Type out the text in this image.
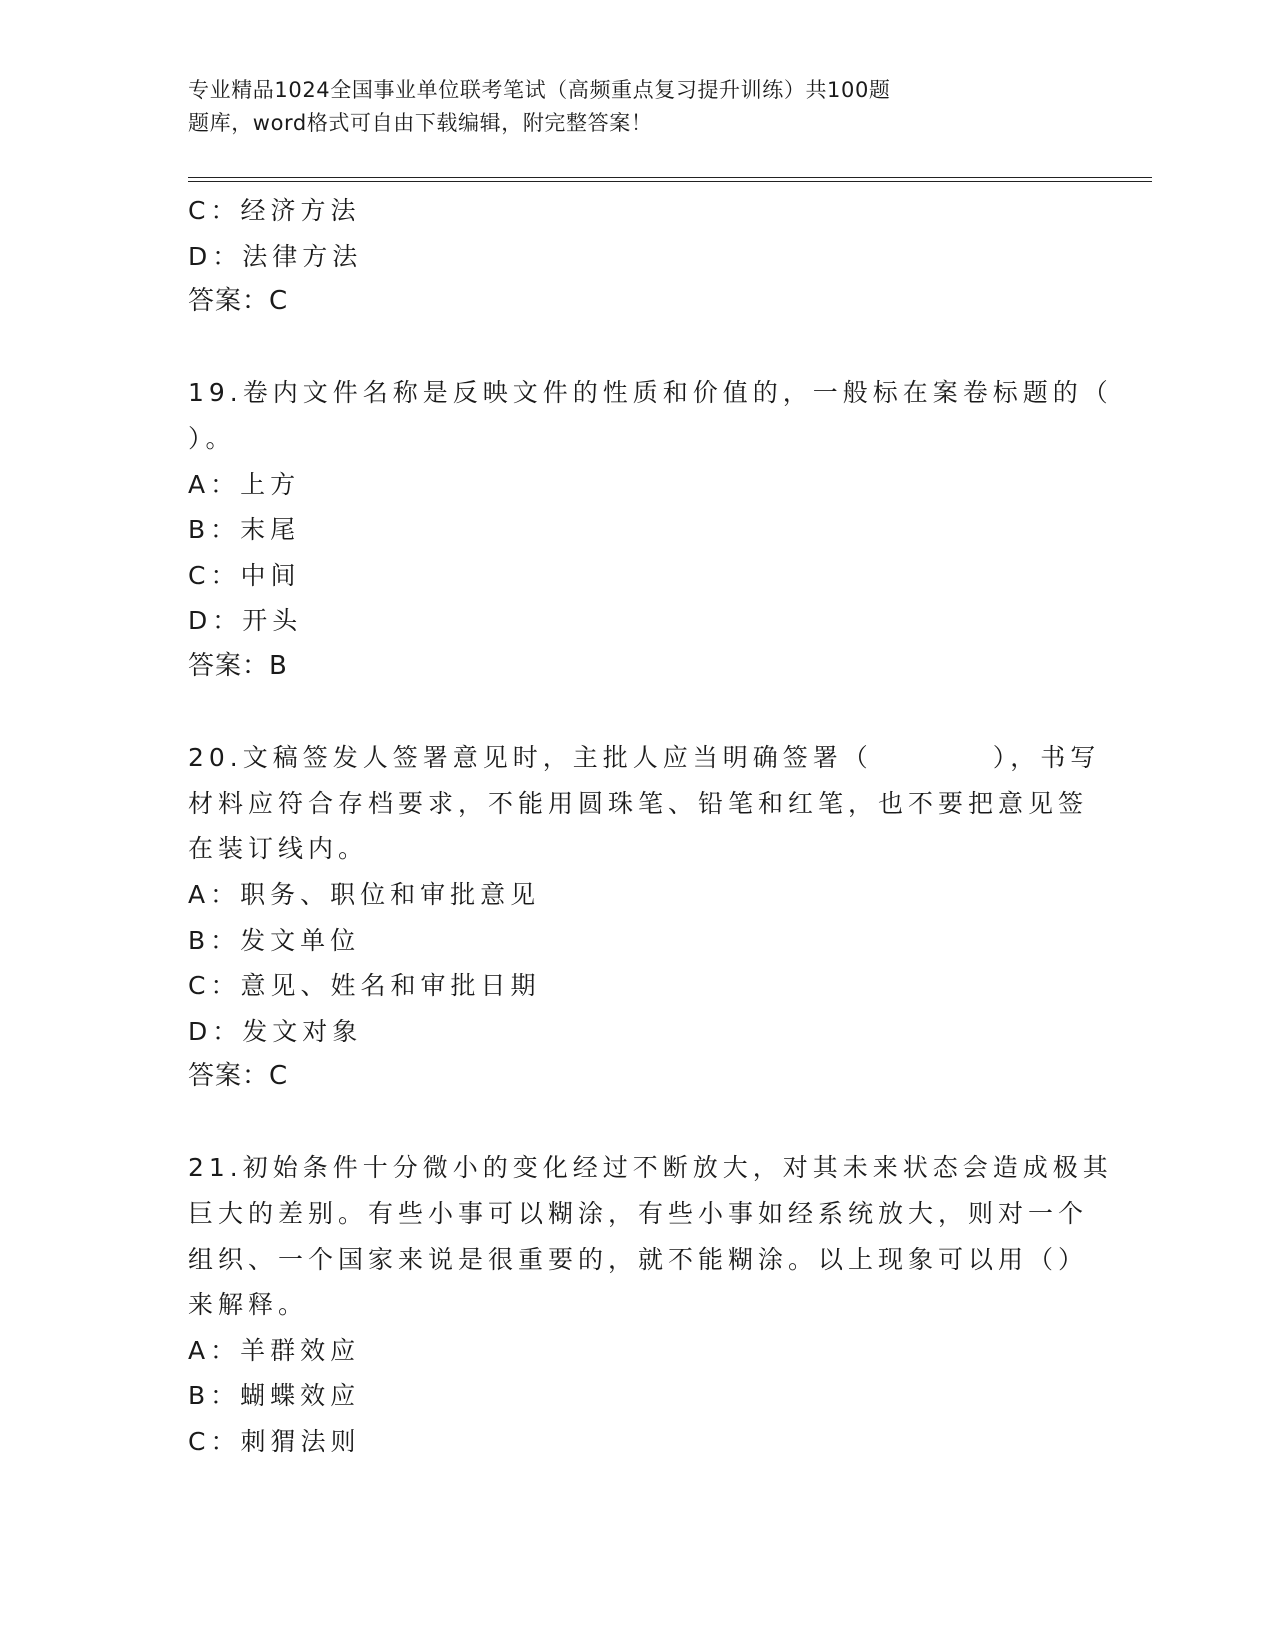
专业精品1024全国事业单位联考笔试（高频重点复习提升训练）共100题
题库，word格式可自由下载编辑，附完整答案！
C：经济方法
D：法律方法
答案：C
19.卷内文件名称是反映文件的性质和价值的，一般标在案卷标题的（
）。
A：上方
B：末尾
C：中间
D：开头
答案：B
20.文稿签发人签署意见时，主批人应当明确签署（　　　　），书写
材料应符合存档要求，不能用圆珠笔、铅笔和红笔，也不要把意见签
在装订线内。
A：职务、职位和审批意见
B：发文单位
C：意见、姓名和审批日期
D：发文对象
答案：C
21.初始条件十分微小的变化经过不断放大，对其未来状态会造成极其
巨大的差别。有些小事可以糊涂，有些小事如经系统放大，则对一个
组织、一个国家来说是很重要的，就不能糊涂。以上现象可以用（）
来解释。
A：羊群效应
B：蝴蝶效应
C：刺猬法则
